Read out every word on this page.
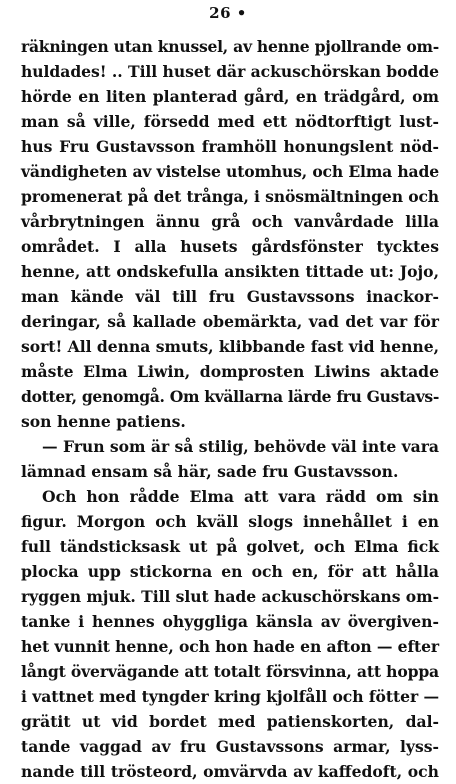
26 •
räkningen utan knussel, av henne pjollrande om-
huldades! .. Till huset där ackuschörskan bodde
hörde en liten planterad gård, en trädgård, om
man så ville, försedd med ett nödtorftigt lust-
hus Fru Gustavsson framhöll honungslent nöd-
vändigheten av vistelse utomhus, och Elma hade
promenerat på det trånga, i snösmältningen och
vårbrytningen ännu grå och vanvårdade lilla
området. I alla husets gårdsfönster tycktes
henne, att ondskefulla ansikten tittade ut: Jojo,
man kände väl till fru Gustavssons inackor-
deringar, så kallade obemärkta, vad det var för
sort! All denna smuts, klibbande fast vid henne,
måste Elma Liwin, domprosten Liwins aktade
dotter, genomgå. Om kvällarna lärde fru Gustavs-
son henne patiens.
— Frun som är så stilig, behövde väl inte vara
lämnad ensam så här, sade fru Gustavsson.
Och hon rådde Elma att vara rädd om sin
figur. Morgon och kväll slogs innehållet i en
full tändsticksask ut på golvet, och Elma fick
plocka upp stickorna en och en, för att hålla
ryggen mjuk. Till slut hade ackuschörskans om-
tanke i hennes ohyggliga känsla av övergiven-
het vunnit henne, och hon hade en afton — efter
långt övervägande att totalt försvinna, att hoppa
i vattnet med tyngder kring kjolfåll och fötter —
grätit ut vid bordet med patienskorten, dal-
tande vaggad av fru Gustavssons armar, lyss-
nande till trösteord, omvärvda av kaffedoft, och
